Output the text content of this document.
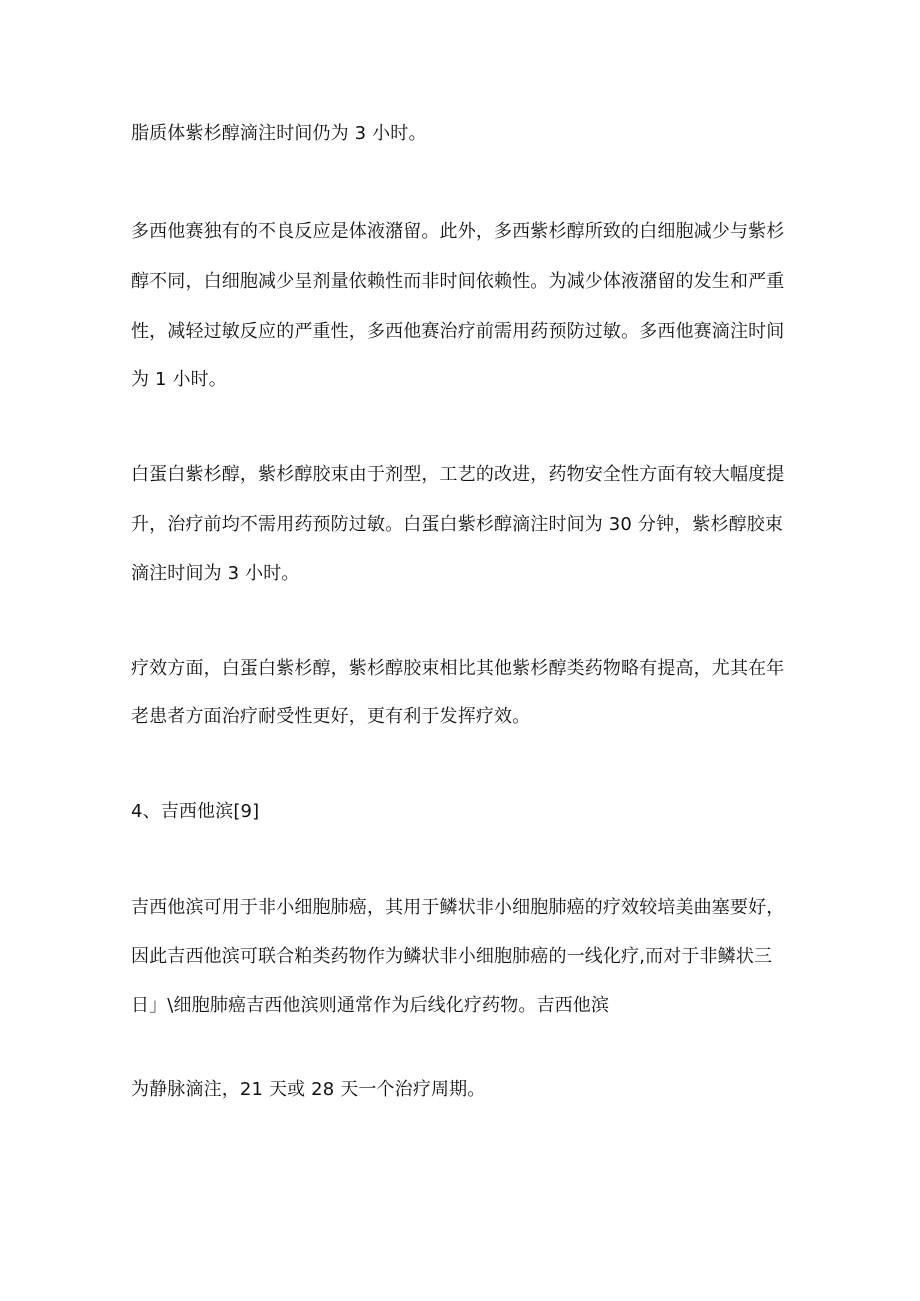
脂质体紫杉醇滴注时间仍为 3 小时。
多西他赛独有的不良反应是体液潴留。此外，多西紫杉醇所致的白细胞减少与紫杉
醇不同，白细胞减少呈剂量依赖性而非时间依赖性。为减少体液潴留的发生和严重
性，减轻过敏反应的严重性，多西他赛治疗前需用药预防过敏。多西他赛滴注时间
为 1 小时。
白蛋白紫杉醇，紫杉醇胶束由于剂型，工艺的改进，药物安全性方面有较大幅度提
升，治疗前均不需用药预防过敏。白蛋白紫杉醇滴注时间为 30 分钟，紫杉醇胶束
滴注时间为 3 小时。
疗效方面，白蛋白紫杉醇，紫杉醇胶束相比其他紫杉醇类药物略有提高，尤其在年
老患者方面治疗耐受性更好，更有利于发挥疗效。
4、吉西他滨[9]
吉西他滨可用于非小细胞肺癌，其用于鳞状非小细胞肺癌的疗效较培美曲塞要好，
因此吉西他滨可联合粕类药物作为鳞状非小细胞肺癌的一线化疗,而对于非鳞状三
日」\细胞肺癌吉西他滨则通常作为后线化疗药物。吉西他滨
为静脉滴注，21 天或 28 天一个治疗周期。
